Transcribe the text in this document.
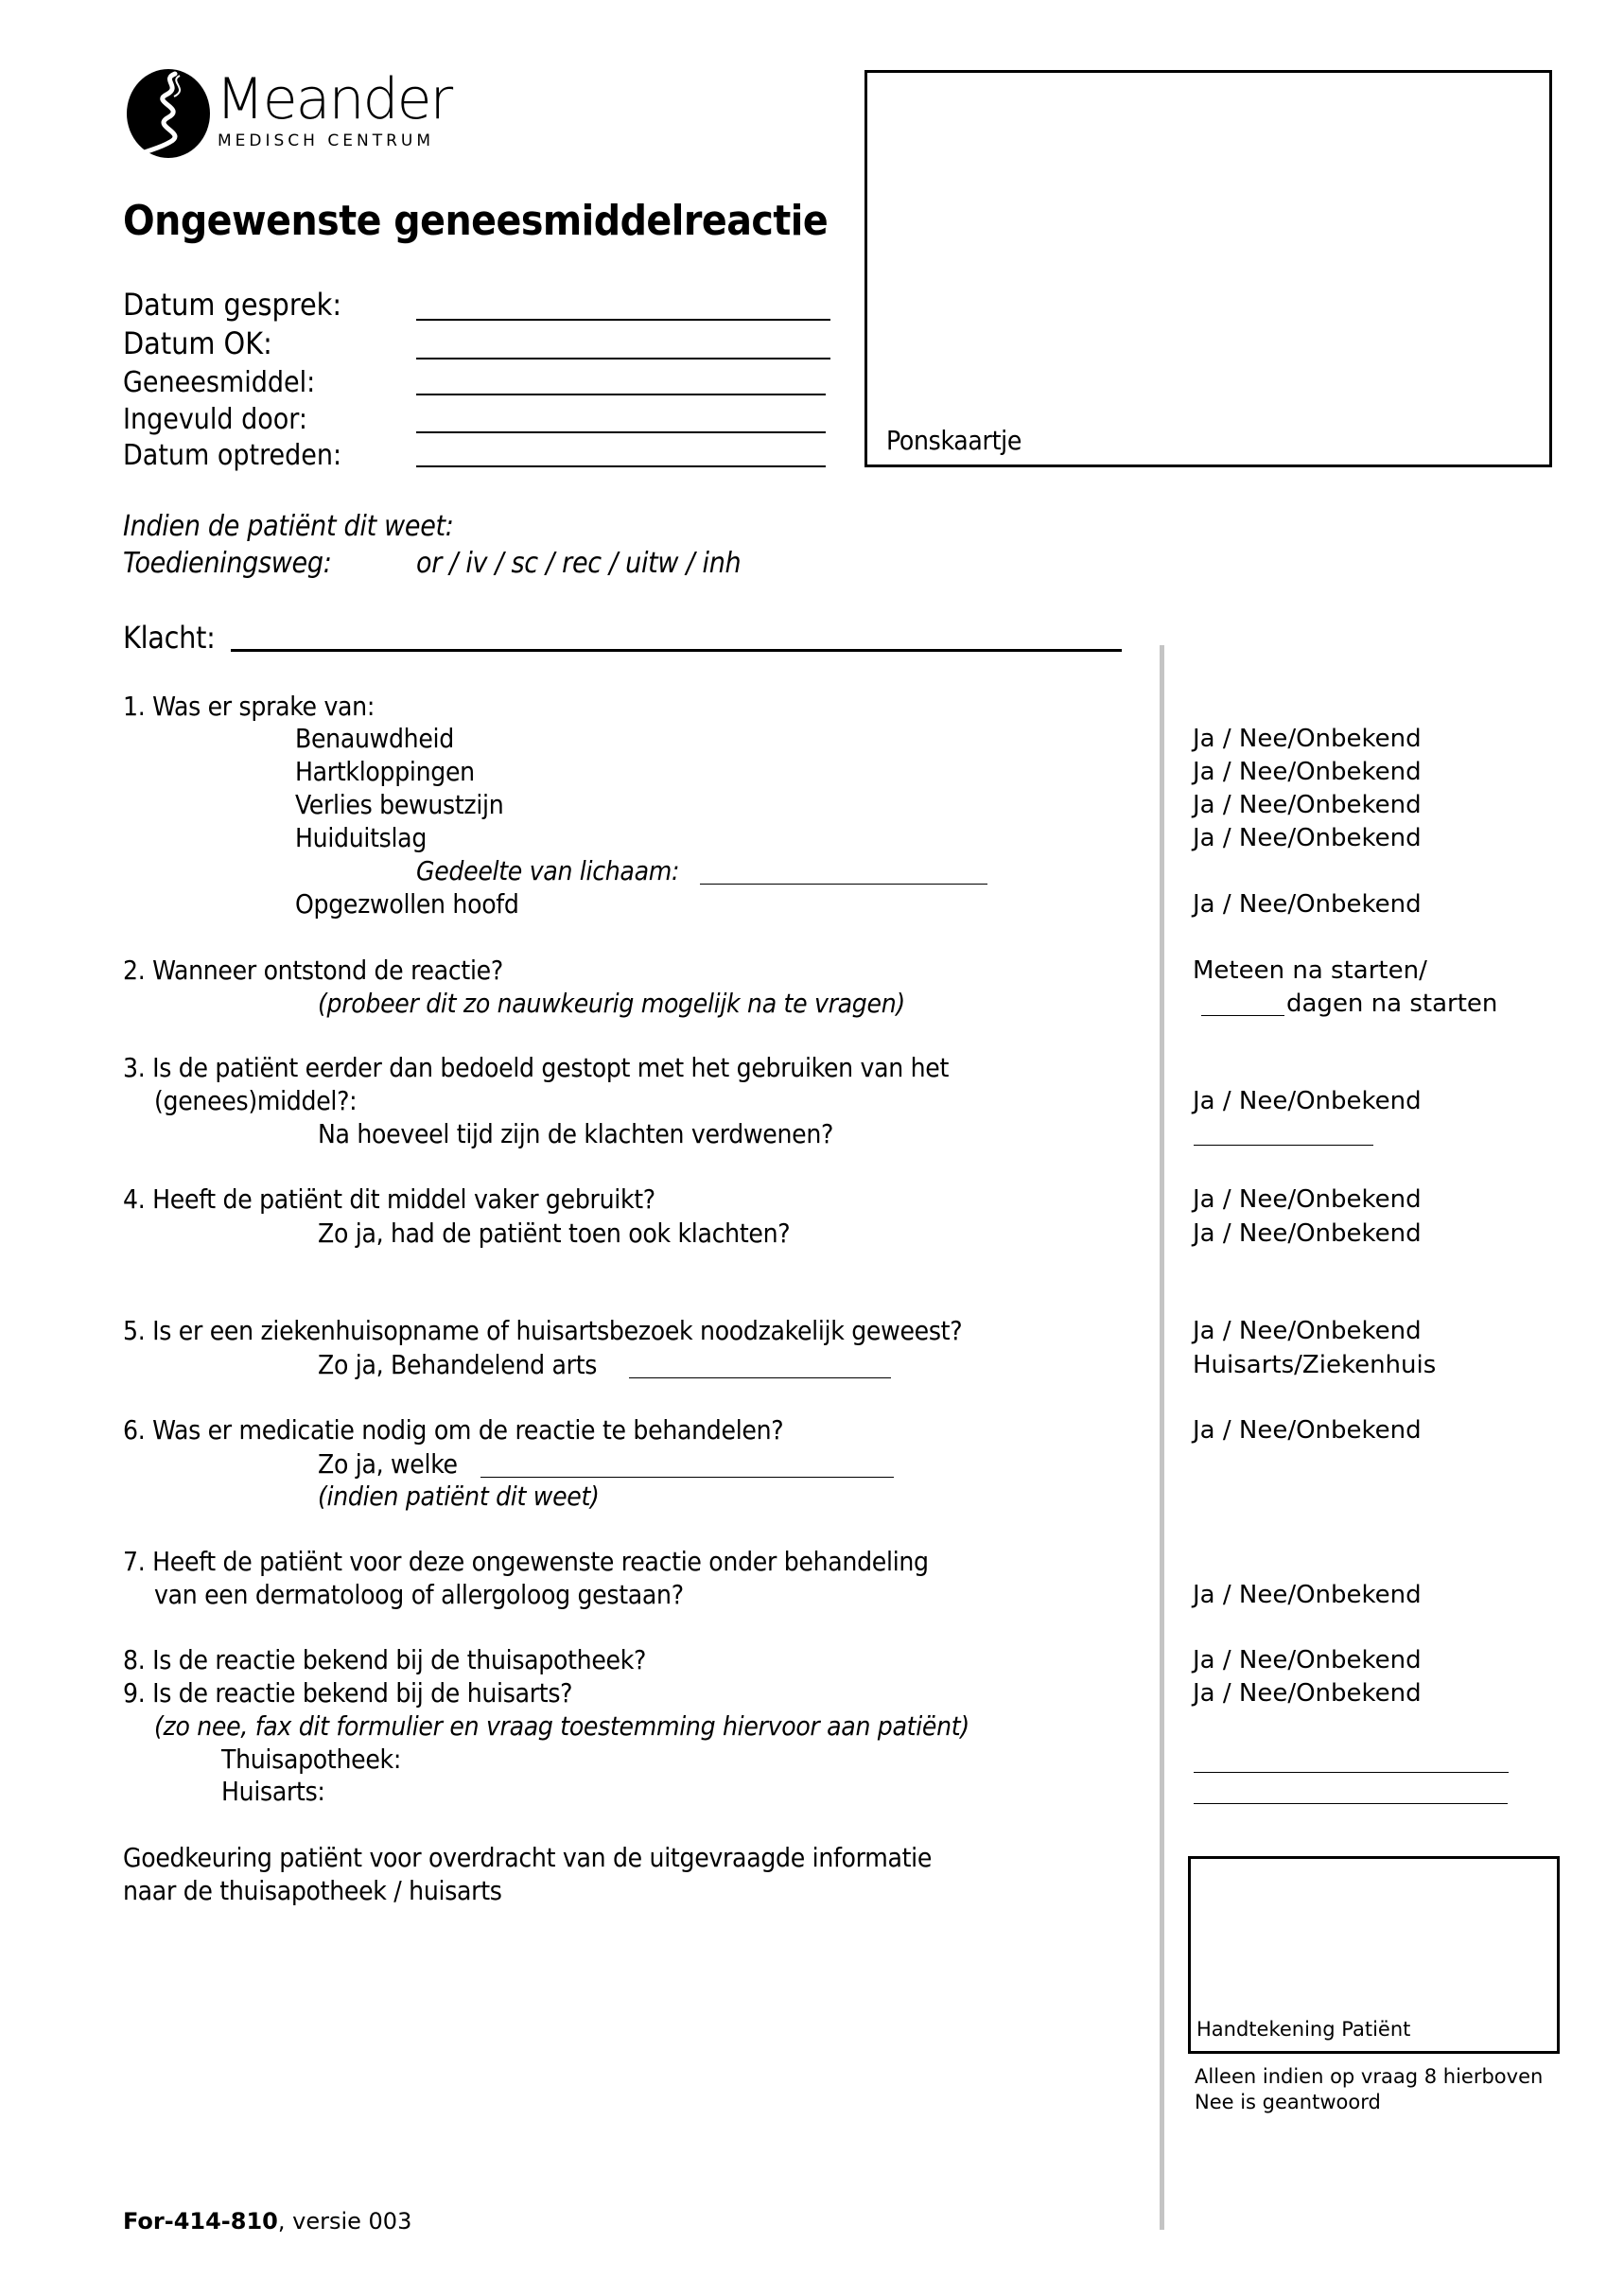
Meander
MEDISCH CENTRUM
Ongewenste geneesmiddelreactie
Datum gesprek:
Datum OK:
Geneesmiddel:
Ingevuld door:
Datum optreden:	Ponskaartje
Indien de patiënt dit weet:
Toedieningsweg:	or / iv / sc / rec / uitw / inh
Klacht:
1. Was er sprake van:
Benauwdheid	Ja / Nee/Onbekend
Hartkloppingen	Ja / Nee/Onbekend
Verlies bewustzijn	Ja / Nee/Onbekend
Huiduitslag	Ja / Nee/Onbekend
Gedeelte van lichaam:
Opgezwollen hoofd	Ja / Nee/Onbekend
2. Wanneer ontstond de reactie?
(probeer dit zo nauwkeurig mogelijk na te vragen)
Meteen na starten/
dagen na starten
3. Is de patiënt eerder dan bedoeld gestopt met het gebruiken van het
(genees)middel?:	Ja / Nee/Onbekend
Na hoeveel tijd zijn de klachten verdwenen?
4. Heeft de patiënt dit middel vaker gebruikt?	Ja / Nee/Onbekend
Zo ja, had de patiënt toen ook klachten?	Ja / Nee/Onbekend
5. Is er een ziekenhuisopname of huisartsbezoek noodzakelijk geweest?	Ja / Nee/Onbekend
Zo ja, Behandelend arts	Huisarts/Ziekenhuis
6. Was er medicatie nodig om de reactie te behandelen?	Ja / Nee/Onbekend
Zo ja, welke
(indien patiënt dit weet)
7. Heeft de patiënt voor deze ongewenste reactie onder behandeling
van een dermatoloog of allergoloog gestaan?	Ja / Nee/Onbekend
8. Is de reactie bekend bij de thuisapotheek?	Ja / Nee/Onbekend
9. Is de reactie bekend bij de huisarts?	Ja / Nee/Onbekend
(zo nee, fax dit formulier en vraag toestemming hiervoor aan patiënt)
Thuisapotheek:
Huisarts:
Goedkeuring patiënt voor overdracht van de uitgevraagde informatie
naar de thuisapotheek / huisarts
Handtekening Patiënt
Alleen indien op vraag 8 hierboven
Nee is geantwoord
For-414-810, versie 003
